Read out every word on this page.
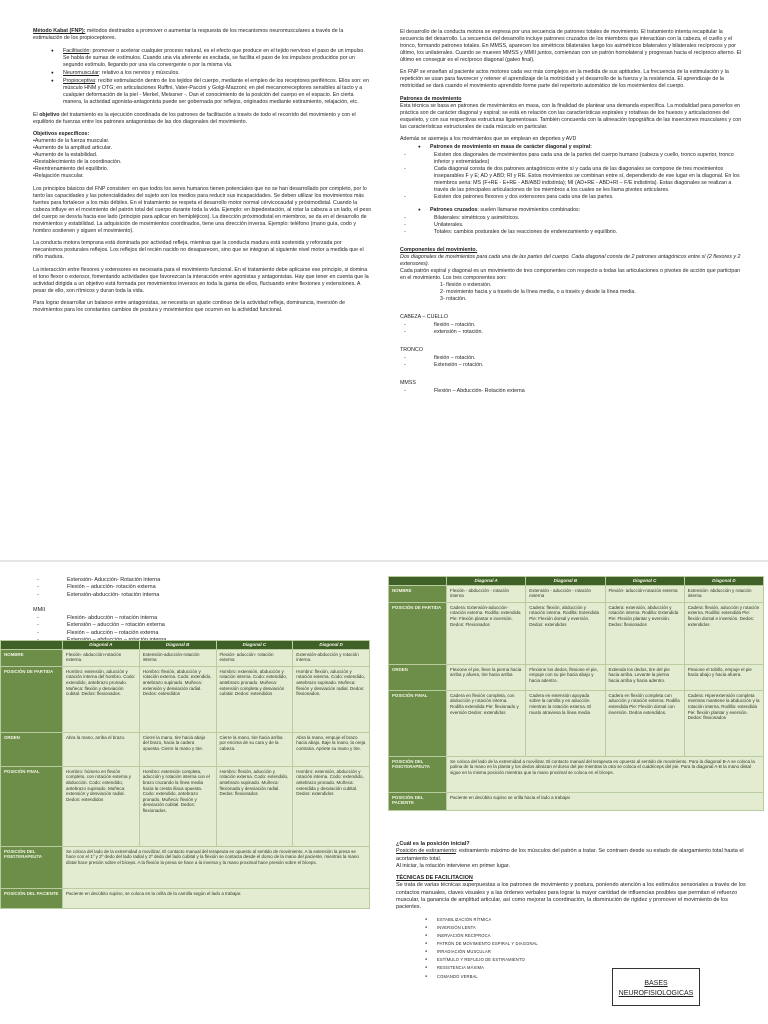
Método Kabat (FNP): métodos destinados a promover o aumentar la respuesta de los mecanismos neuromusculares a través de la estimulación de los propioceptores.

● Facilitación: promover o acelerar cualquier proceso natural, es el efecto que produce en el tejido nervioso el paso de un impulso. Se habla de sumas de estímulos. Cuando una vía aferente es excitada, se facilita el paso de los impulsos producidos por un segundo estímulo, llegando por una vía convergente o por la misma vía.
● Neuromuscular: relativo a los nervios y músculos.
● Propioceptiva: recibir estimulación dentro de los tejidos del cuerpo, mediante el empleo de los receptores periféricos. Ellos son: en músculo HNM y OTG; en articulaciones Ruffini, Vater-Paccini y Golgi-Mazzoni; en piel mecanorreceptores sensibles al tacto y a cualquier deformación de la piel - Merkel, Meissner -. Dan el conocimiento de la posición del cuerpo en el espacio. En cierta manera, la actividad agonista-antagonista puede ser gobernada por reflejos, originados mediante estiramiento, relajación, etc.

El objetivo del tratamiento es la ejecución coordinada de los patrones de facilitación a través de todo el recorrido del movimiento y con el equilibrio de fuerzas entre los patrones antagonistas de las dos diagonales del movimiento.

Objetivos específicos:
•Aumento de la fuerza muscular.
•Aumento de la amplitud articular.
•Aumento de la estabilidad.
•Restablecimiento de la coordinación.
•Reentrenamiento del equilibrio.
•Relajación muscular.

Los principios básicos del FNP consisten: en que todos los seres humanos tienen potenciales que no se han desarrollado por completo, por lo tanto las capacidades y las potencialidades del sujeto son los medios para reducir sus incapacidades. Se deben utilizar los movimientos más fuertes para fortalecer a los más débiles. En el tratamiento se respeta el desarrollo motor normal cérvicocaudal y próximodistal. Cuando la cabeza influye en el movimiento del patrón total del cuerpo durante toda la vida. Ejemplo: en bipedestación, al rotar la cabeza a un lado, el peso del cuerpo se desvía hacia ese lado (principio para aplicar en hemipléjicos). La dirección próximodistal en miembros, se da en el desarrollo de movimientos y estabilidad. La adquisición de movimientos coordinados, tiene una dirección inversa. Ejemplo: teléfono (mano guía, codo y hombro sostienen y siguen el movimiento).

La conducta motora temprana está dominada por actividad refleja, mientras que la conducta madura está sostenida y reforzada por mecanismos posturales reflejos. Los reflejos del recién nacido no desaparecen, sino que se integran al siguiente nivel motor a medida que el niño madura.

La interacción entre flexores y extensores es necesaria para el movimiento funcional. En el tratamiento debe aplicarse ese principio, si domina el tono flexor o extensor, fomentando actividades que favorezcan la interacción entre agonistas y antagonistas. Hay que tener en cuenta que la actividad dirigida a un objetivo está formada por movimientos inversos en toda la gama de ellos, fluctuando entre flexiones y extensiones. A pesar de ello, son rítmicos y duran toda la vida.

Para lograr desarrollar un balance entre antagonistas, se necesita un ajuste continuo de la actividad refleja, dominancia, inversión de movimientos para los constantes cambios de postura y movimientos que ocurren en la actividad funcional.

El desarrollo de la conducta motora se expresa por una secuencia de patrones totales de movimiento. El tratamiento intenta recapitular la secuencia del desarrollo. La secuencia del desarrollo incluye patrones cruzados de los miembros que interactúan con la cabeza, el cuello y el tronco, formando patrones totales. En MMSS, aparecen los simétricos bilaterales luego los asimétricos bilaterales y bilaterales recíprocos y por último, los unilaterales. Cuando se mueven MMSS y MMII juntos, comienzan con un patrón homolateral y progresan hacia el recíproco alterno. El último en conseguir es el recíproco diagonal (gateo final).

En FNP se enseñan al paciente actos motores cada vez más complejos en la medida de sus aptitudes. La frecuencia de la estimulación y la repetición se usan para favorecer y retener el aprendizaje de la motricidad y el desarrollo de la fuerza y la resistencia. El aprendizaje de la motricidad se dará cuando el movimiento aprendido forme parte del repertorio automático de los movimientos del cuerpo.

Patrones de movimiento

Esta técnica se basa en patrones de movimientos en masa, con la finalidad de plantear una demanda específica. La modalidad para ponerlos en práctica son de carácter diagonal y espiral; se está en relación con las características espirales y rotativas de los huesos y articulaciones del esqueleto, y con sus respectivas estructuras ligamentosas. También concuerda con la alineación topográfica de las inserciones musculares y con las características estructurales de cada músculo en particular.

Además se asemeja a los movimientos que se emplean en deportes y AVD
● Patrones de movimiento en masa de carácter diagonal y espiral:
- Existen dos diagonales de movimientos para cada una de la partes del cuerpo humano (cabeza y cuello, tronco superior, tronco inferior y extremidades)
- Cada diagonal consta de dos patrones antagónicos entre sí y cada una de las diagonales se compone de tres movimientos inseparables F y E; AD y ABD; RI y RE. Estos movimientos se combinan entre sí, dependiendo de ese lugar en la diagonal. En los miembros seria: MS (F+RE - E+RE - AB/ABD indistinta); MI (AD+RE - ABD+RI – F/E indistinta). Estas diagonales se realizan a través de las principales articulaciones de los miembros a los cuales se les llama pivotes articulares.
- Existen dos patrones flexores y dos extensores para cada una de las partes.
● Patrones cruzados: suelen llamarse movimientos combinados:
- Bilaterales: simétricos y asimétricos.
- Unilaterales.
- Totales: cambios posturales de las reacciones de enderezamiento y equilibrio.
Componentes del movimiento.
Dos diagonales de movimientos para cada una de las partes del cuerpo. Cada diagonal consta de 2 patrones antagónicos entre sí (2 flexores y 2 extensores).
Cada patrón espiral y diagonal es un movimiento de tres componentes con respecto a todas las articulaciones o pivotes de acción que participan en el movimiento. Los tres componentes son:
1- flexión o extensión.
2- movimiento hacia y a través de la línea media, o a través y desde la línea media.
3- rotación.
CABEZA – CUELLO
- flexión – rotación.
- extensión – rotación.
TRONCO
- flexión – rotación.
- Extensión – rotación.
MMSS
- Flexión – Abducción- Rotación externa
- Extensión- Aducción- Rotación interna
- Flexión – aducción- rotación externa
- Extensión-abducción- rotación interna
MMII
- Flexión- abducción – rotación interna
- Extensión – aducción – rotación externa
- Flexión – aducción – rotación externa
-
	Diagonal A	Diagonal B	Diagonal C	Diagonal D
NOMBRE	Flexión- abducción-rotación externa.	Extensión-aducción-rotación interna	Flexión- aducción- rotación externa	Extensión-abducción y rotación interna.
POSICIÓN DE PARTIDA	Hombro: extensión, aducción y rotación interna del hombro. Codo: extendido, antebrazo pronado. Muñeca: flexión y desviación cubital. Dedos: flexionados.	Hombro: flexión, abducción y rotación externa. Codo: extendido, antebrazo supinado. Muñeca: extensión y desviación radial. Dedos: extendidos	Hombro: extensión, abducción y rotación interna. Codo: extendido, antebrazo pronado. Muñeca: extensión completa y desviación cubital. Dedos: extendidos	Hombro: flexión, aducción y rotación externa. Codo: extendido, antebrazo supinado. Muñeca: flexión y desviación radial. Dedos: flexionados.
ORDEN	Abra la mano, arriba el brazo.	Cierre la mano, tire hacia abajo del brazo, hacia la cadera opuesta. Cierre la mano y tire.	Cierre la mano, tire hacia arriba por encima de su cara y de la cabeza.	Abra la mano, empuje el brazo hacia abajo. Baje la mano, la oreja contraria. Apriete su mano y tire.
POSICIÓN FINAL	Hombro: húmero en flexión completo, con rotación externa y abducción. Codo: extendido, antebrazo supinado. Muñeca: extensión y desviación radial. Dedos: extendidos	Hombro: extensión completa, aducción y rotación interna con el brazo cruzando la línea media hacia la cresta ilíaca opuesta. Codo: extendido, antebrazo pronado. Muñeca: flexión y desviación cubital. Dedos: flexionados.	Hombro: flexión, aducción y rotación externa. Codo: extendido, antebrazo supinado. Muñeca: flexionada y desviación radial. Dedos: flexionados	Hombro: extensión, abducción y rotación interna. Codo: extendido, antebrazo pronado. Muñeca: extendida y desviación cubital. Dedos: extendidos
POSICIÓN DEL FISIOTERAPEUTA	Se coloca del lado de la extremidad a movilizar. El contacto manual del terapeuta es opuesto al sentido de movimiento. A la extensión la presa se hace con el 1º y 2º dedo del lado radial y 2º dedo del lado cubital y la flexión se contacta desde el dorso de la mano del paciente, mientras la mano distal hace presión sobre el bíceps. A la flexión la presa se hace a la inversa y la mano proximal hace presión sobre el bíceps.			
POSICIÓN DEL PACIENTE	Paciente en decúbito supino, se coloca en la orilla de la camilla según el lado a trabajar.			
	Diagonal A	Diagonal B	Diagonal C	Diagonal D
NOMBRE	Flexión - abducción - rotación interna	Extensión - aducción - rotación externa	Flexión- aducción-rotación externa	Extensión- abducción y rotación interna
POSICIÓN DE PARTIDA	Cadera: Extensión-aducción-rotación externa. Rodilla: extendida Pie: Flexión plantar e inversión. Dedos: Flexionados	Cadera: flexión, abducción y rotación interna. Rodilla: Extendida Pie: Flexión dorsal y eversión. Dedos: extendidos	Cadera: extensión, abducción y rotación interna. Rodilla: Extendida Pie: Flexión plantar y eversión. Dedos: flexionados	Cadera: flexión, aducción y rotación externa. Rodilla: extendida Pie: flexión dorsal e inversión. Dedos: extendidos
ORDEN	Flexione el pie, lleve la pierna hacia arriba y afuera, tire hacia arriba	Flexione los dedos, flexione el pie, empuje con su pie hacia abajo y hacia adentro.	Extienda los dedos, tire del pie hacia arriba. Levante la pierna hacia arriba y hacia adentro.	Flexione el tobillo, empuje el pie hacia abajo y hacia afuera.
POSICIÓN FINAL	Cadera en flexión completa, con abducción y rotación interna. Rodilla extendida Pie: flexionado y eversión Dedos: extendidos	Cadera en extensión apoyada sobre la camilla y en aducción mientras la rotación externa. El muslo atraviesa la línea media	Cadera en flexión completa con aducción y rotación externa. Rodilla extendida Pie: Flexión dorsal con inversión. Dedos extendidos.	Cadera: Hiperextensión completa mientras mantiene la abducción y la rotación interna. Rodilla: extendida Pie: flexión plantar y eversión. Dedos: flexionados
POSICIÓN DEL FISIOTERAPEUTA	Se coloca del lado de la extremidad a movilizar. El contacto manual del terapeuta es opuesto al sentido de movimiento. Para la diagonal B-A se coloca la palma de la mano en la planta y los dedos abrazan el dorso del pie mientras la otra se coloca el cuádriceps del pie. Para la diagonal A-B la mano distal sigue en la misma posición mientras que la mano proximal se coloca en el bíceps.			
POSICIÓN DEL PACIENTE	Paciente en decúbito supino se orilla hacia el lado a trabajar			
¿Cuál es la posición inicial?
Posición de estiramiento: estiramiento máximo de los músculos del patrón a tratar. Se contraen desde su estado de alargamiento total hasta el acortamiento total.
Al iniciar, la rotación interviene en primer lugar.
TÉCNICAS DE FACILITACION
Se trata de varias técnicas superpuestas a los patrones de movimiento y postura, poniendo atención a los estímulos sensoriales a través de los contactos manuales, claves visuales y a las órdenes verbales para lograr la mayor cantidad de influencias posibles que permitan el refuerzo muscular, la ganancia de amplitud articular, así como mejorar la coordinación, la disminución de rigidez y promover el movimiento de los pacientes.
● ESTABILIZACIÓN RÍTMICA
● INVERSIÓN LENTA
● INERVACIÓN RECÍPROCA
● PATRÓN DE MOVIMIENTO ESPIRAL Y DIAGONAL
● IRRADIACIÓN MUSCULAR
● ESTÍMULO Y REFLEJO DE ESTIRAMIENTO
● RESISTENCIA MÁXIMA
● COMANDO VERBAL
BASES
NEUROFISIOLOGICAS
